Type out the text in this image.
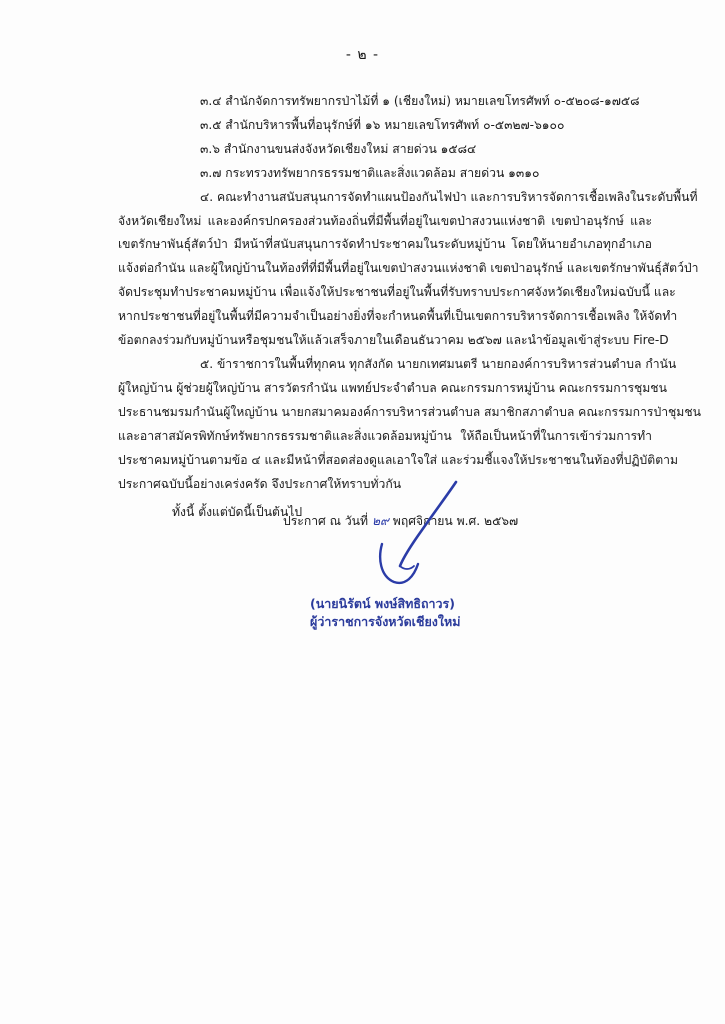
- ๒ -
๓.๔ สำนักจัดการทรัพยากรป่าไม้ที่ ๑ (เชียงใหม่) หมายเลขโทรศัพท์ ๐-๕๒๐๘-๑๗๕๘
๓.๕ สำนักบริหารพื้นที่อนุรักษ์ที่ ๑๖ หมายเลขโทรศัพท์ ๐-๕๓๒๗-๖๑๐๐
๓.๖ สำนักงานขนส่งจังหวัดเชียงใหม่ สายด่วน ๑๕๘๔
๓.๗ กระทรวงทรัพยากรธรรมชาติและสิ่งแวดล้อม สายด่วน ๑๓๑๐
๔. คณะทำงานสนับสนุนการจัดทำแผนป้องกันไฟป่า และการบริหารจัดการเชื้อเพลิงในระดับพื้นที่
จังหวัดเชียงใหม่ และองค์กรปกครองส่วนท้องถิ่นที่มีพื้นที่อยู่ในเขตป่าสงวนแห่งชาติ เขตป่าอนุรักษ์ และ
เขตรักษาพันธุ์สัตว์ป่า มีหน้าที่สนับสนุนการจัดทำประชาคมในระดับหมู่บ้าน โดยให้นายอำเภอทุกอำเภอ
แจ้งต่อกำนัน และผู้ใหญ่บ้านในท้องที่ที่มีพื้นที่อยู่ในเขตป่าสงวนแห่งชาติ เขตป่าอนุรักษ์ และเขตรักษาพันธุ์สัตว์ป่า
จัดประชุมทำประชาคมหมู่บ้าน เพื่อแจ้งให้ประชาชนที่อยู่ในพื้นที่รับทราบประกาศจังหวัดเชียงใหม่ฉบับนี้ และ
หากประชาชนที่อยู่ในพื้นที่มีความจำเป็นอย่างยิ่งที่จะกำหนดพื้นที่เป็นเขตการบริหารจัดการเชื้อเพลิง ให้จัดทำ
ข้อตกลงร่วมกับหมู่บ้านหรือชุมชนให้แล้วเสร็จภายในเดือนธันวาคม ๒๕๖๗ และนำข้อมูลเข้าสู่ระบบ Fire-D
๕. ข้าราชการในพื้นที่ทุกคน ทุกสังกัด นายกเทศมนตรี นายกองค์การบริหารส่วนตำบล กำนัน
ผู้ใหญ่บ้าน ผู้ช่วยผู้ใหญ่บ้าน สารวัตรกำนัน แพทย์ประจำตำบล คณะกรรมการหมู่บ้าน คณะกรรมการชุมชน
ประธานชมรมกำนันผู้ใหญ่บ้าน นายกสมาคมองค์การบริหารส่วนตำบล สมาชิกสภาตำบล คณะกรรมการป่าชุมชน
และอาสาสมัครพิทักษ์ทรัพยากรธรรมชาติและสิ่งแวดล้อมหมู่บ้าน ให้ถือเป็นหน้าที่ในการเข้าร่วมการทำ
ประชาคมหมู่บ้านตามข้อ ๔ และมีหน้าที่สอดส่องดูแลเอาใจใส่ และร่วมชี้แจงให้ประชาชนในท้องที่ปฏิบัติตาม
ประกาศฉบับนี้อย่างเคร่งครัด จึงประกาศให้ทราบทั่วกัน
ทั้งนี้ ตั้งแต่บัดนี้เป็นต้นไป
ประกาศ ณ วันที่ ๒๙ พฤศจิกายน พ.ศ. ๒๕๖๗
(นายนิรัตน์ พงษ์สิทธิถาวร)
ผู้ว่าราชการจังหวัดเชียงใหม่
